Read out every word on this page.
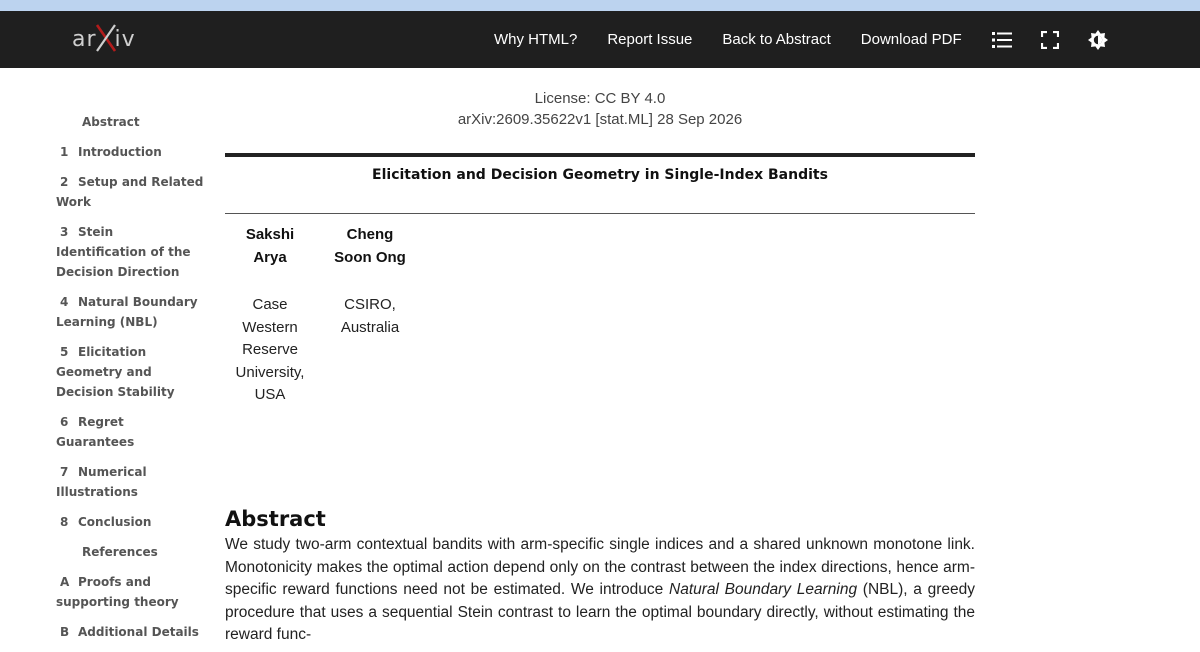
ar
iv	Why HTML? Report Issue Back to Abstract Download PDF
Abstract
1 Introduction
2 Setup and Related Work
3 Stein Identification of the Decision Direction
4 Natural Boundary Learning (NBL)
5 Elicitation Geometry and Decision Stability
6 Regret Guarantees
7 Numerical Illustrations
8 Conclusion
References
A Proofs and supporting theory
B Additional Details
License: CC BY 4.0
arXiv:2609.35622v1 [stat.ML] 28 Sep 2026
Elicitation and Decision Geometry in Single-Index Bandits
Sakshi Arya
Case Western Reserve University, USA
Cheng Soon Ong
CSIRO, Australia
Abstract

We study two-arm contextual bandits with arm-specific single indices and a shared unknown monotone link. Monotonicity makes the optimal action depend only on the contrast between the index directions, hence arm-specific reward functions need not be estimated. We introduce Natural Boundary Learning (NBL), a greedy procedure that uses a sequential Stein contrast to learn the optimal boundary directly, without estimating the reward func-
